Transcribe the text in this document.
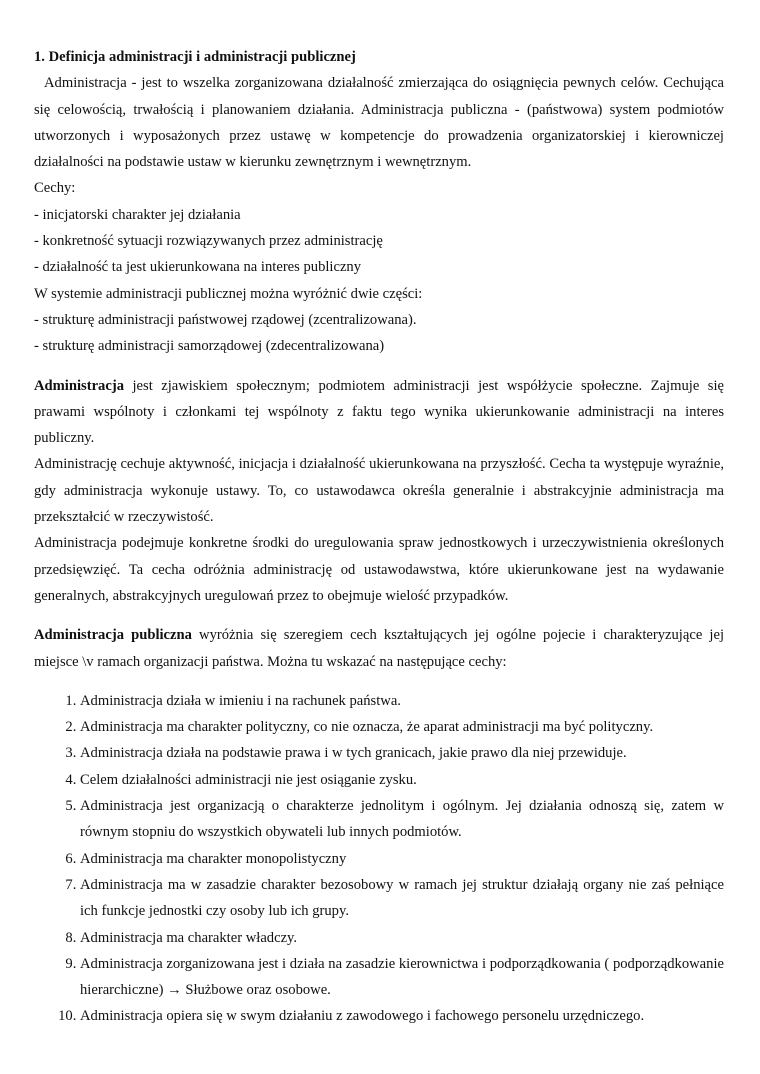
1. Definicja administracji i administracji publicznej

Administracja - jest to wszelka zorganizowana działalność zmierzająca do osiągnięcia pewnych celów. Cechująca się celowością, trwałością i planowaniem działania. Administracja publiczna - (państwowa) system podmiotów utworzonych i wyposażonych przez ustawę w kompetencje do prowadzenia organizatorskiej i kierowniczej działalności na podstawie ustaw w kierunku zewnętrznym i wewnętrznym.

Cechy:
- inicjatorski charakter jej działania
- konkretność sytuacji rozwiązywanych przez administrację
- działalność ta jest ukierunkowana na interes publiczny
W systemie administracji publicznej można wyróżnić dwie części:
- strukturę administracji państwowej rządowej (zcentralizowana).
- strukturę administracji samorządowej (zdecentralizowana)

Administracja jest zjawiskiem społecznym; podmiotem administracji jest współżycie społeczne. Zajmuje się prawami wspólnoty i członkami tej wspólnoty z faktu tego wynika ukierunkowanie administracji na interes publiczny.

Administrację cechuje aktywność, inicjacja i działalność ukierunkowana na przyszłość. Cecha ta występuje wyraźnie, gdy administracja wykonuje ustawy. To, co ustawodawca określa generalnie i abstrakcyjnie administracja ma przekształcić w rzeczywistość.

Administracja podejmuje konkretne środki do uregulowania spraw jednostkowych i urzeczywistnienia określonych przedsięwzięć. Ta cecha odróżnia administrację od ustawodawstwa, które ukierunkowane jest na wydawanie generalnych, abstrakcyjnych uregulowań przez to obejmuje wielość przypadków.

Administracja publiczna wyróżnia się szeregiem cech kształtujących jej ogólne pojecie i charakteryzujące jej miejsce \v ramach organizacji państwa. Można tu wskazać na następujące cechy:

1. Administracja działa w imieniu i na rachunek państwa.
2. Administracja ma charakter polityczny, co nie oznacza, że aparat administracji ma być polityczny.
3. Administracja działa na podstawie prawa i w tych granicach, jakie prawo dla niej przewiduje.
4. Celem działalności administracji nie jest osiąganie zysku.
5. Administracja jest organizacją o charakterze jednolitym i ogólnym. Jej działania odnoszą się, zatem w równym stopniu do wszystkich obywateli lub innych podmiotów.
6. Administracja ma charakter monopolistyczny
7. Administracja ma w zasadzie charakter bezosobowy w ramach jej struktur działają organy nie zaś pełniące ich funkcje jednostki czy osoby lub ich grupy.
8. Administracja ma charakter władczy.
9. Administracja zorganizowana jest i działa na zasadzie kierownictwa i podporządkowania ( podporządkowanie hierarchiczne) → Służbowe oraz osobowe.
10. Administracja opiera się w swym działaniu z zawodowego i fachowego personelu urzędniczego.
